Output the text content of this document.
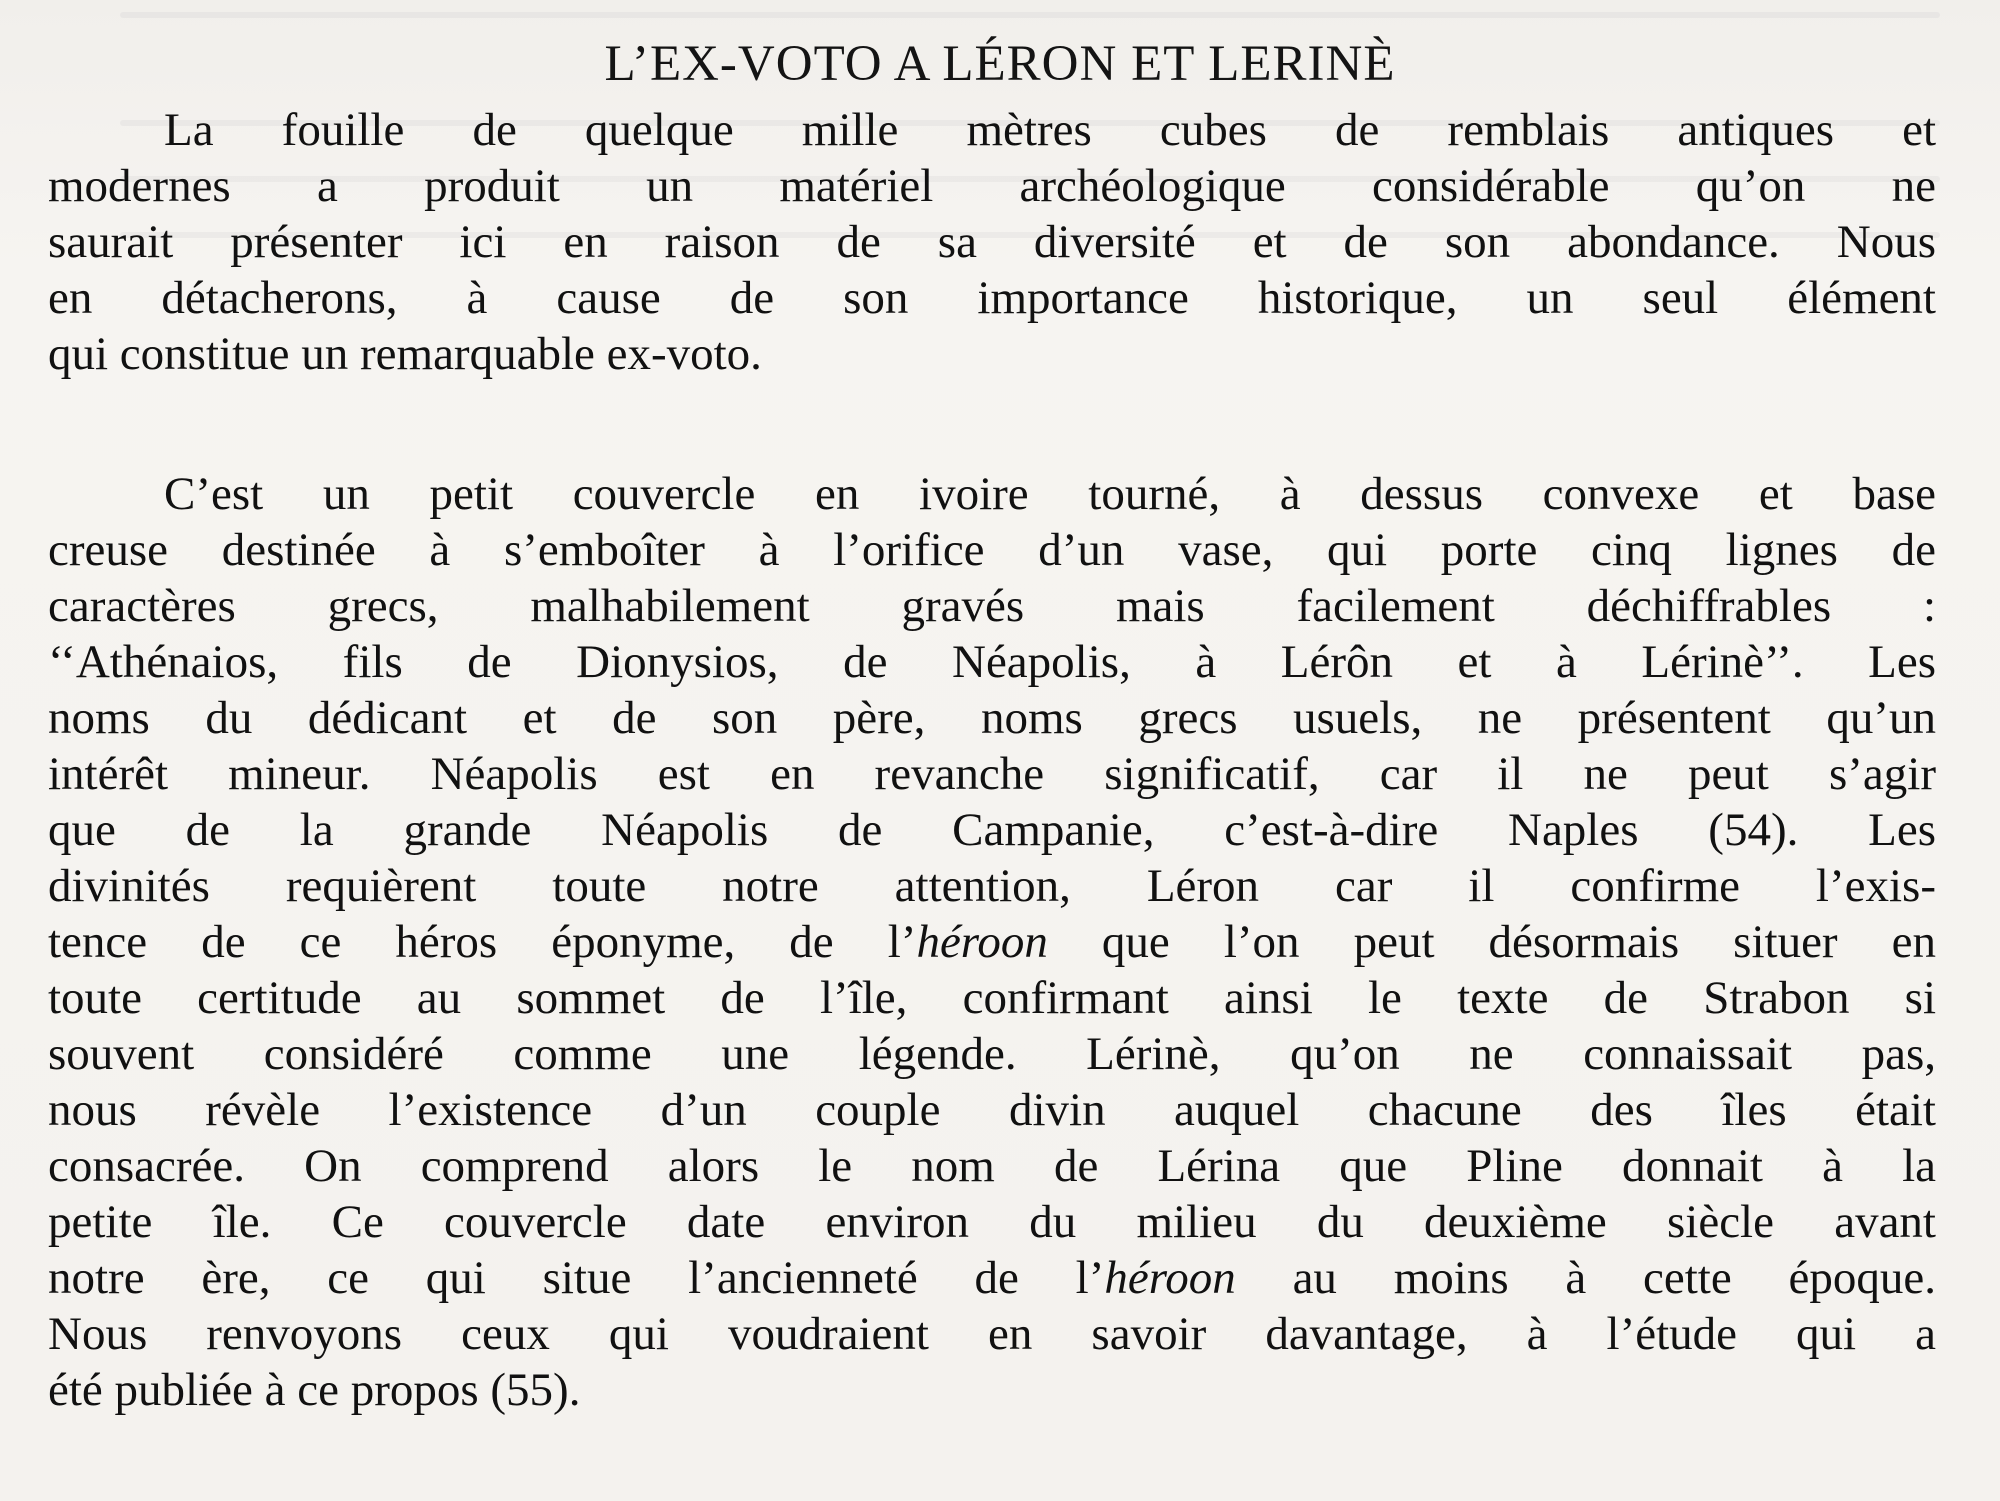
L’EX-VOTO A LÉRON ET LERINÈ
La fouille de quelque mille mètres cubes de remblais antiques et
modernes a produit un matériel archéologique considérable qu’on ne
saurait présenter ici en raison de sa diversité et de son abondance. Nous
en détacherons, à cause de son importance historique, un seul élément
qui constitue un remarquable ex-voto.
C’est un petit couvercle en ivoire tourné, à dessus convexe et base
creuse destinée à s’emboîter à l’orifice d’un vase, qui porte cinq lignes de
caractères grecs, malhabilement gravés mais facilement déchiffrables :
‘‘Athénaios, fils de Dionysios, de Néapolis, à Lérôn et à Lérinè’’. Les
noms du dédicant et de son père, noms grecs usuels, ne présentent qu’un
intérêt mineur. Néapolis est en revanche significatif, car il ne peut s’agir
que de la grande Néapolis de Campanie, c’est-à-dire Naples (54). Les
divinités requièrent toute notre attention, Léron car il confirme l’exis-
tence de ce héros éponyme, de l’héroon que l’on peut désormais situer en
toute certitude au sommet de l’île, confirmant ainsi le texte de Strabon si
souvent considéré comme une légende. Lérinè, qu’on ne connaissait pas,
nous révèle l’existence d’un couple divin auquel chacune des îles était
consacrée. On comprend alors le nom de Lérina que Pline donnait à la
petite île. Ce couvercle date environ du milieu du deuxième siècle avant
notre ère, ce qui situe l’ancienneté de l’héroon au moins à cette époque.
Nous renvoyons ceux qui voudraient en savoir davantage, à l’étude qui a
été publiée à ce propos (55).
